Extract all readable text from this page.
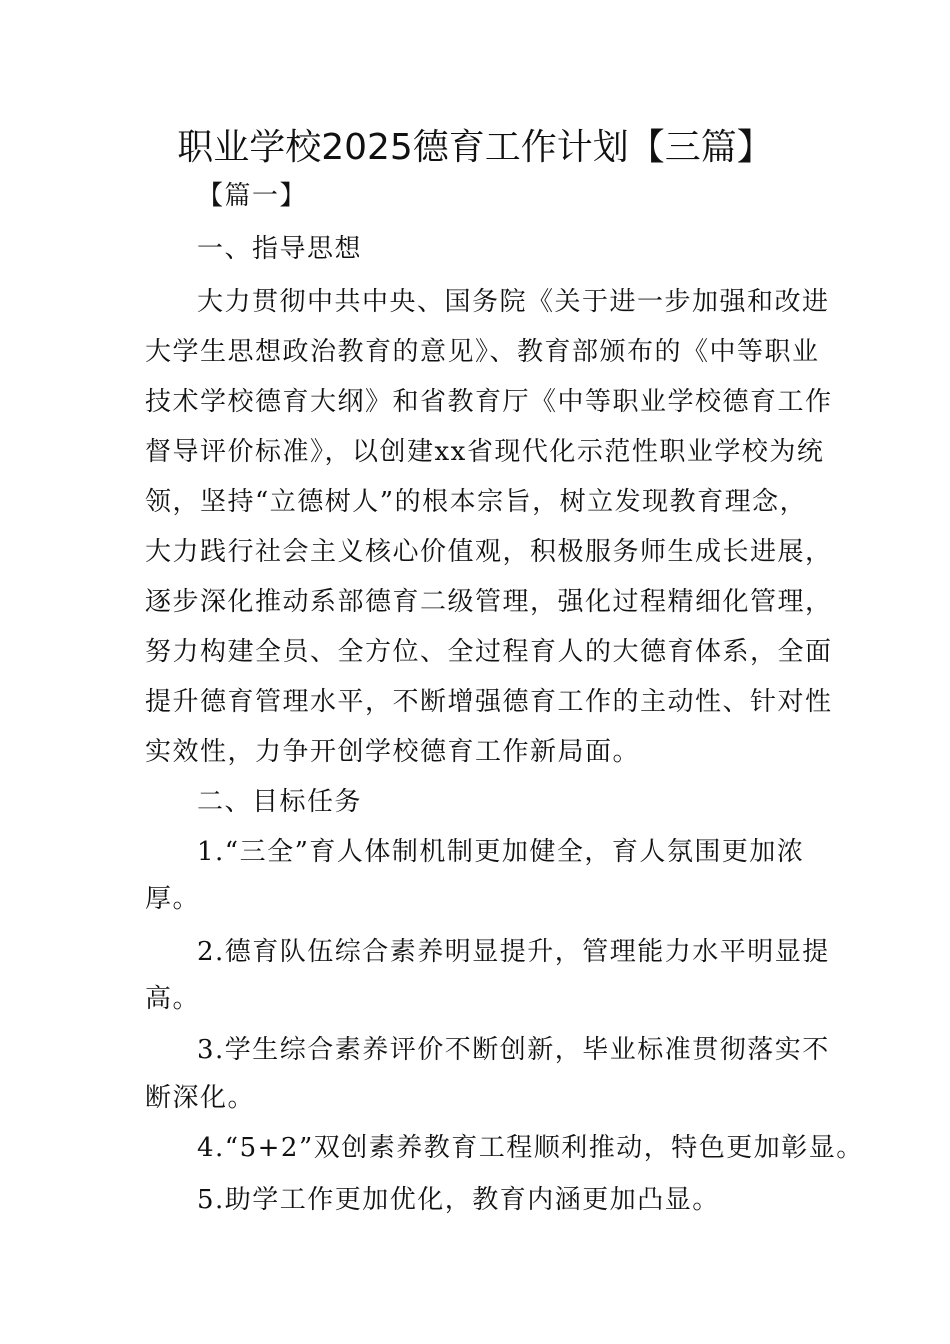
职业学校2025德育工作计划【三篇】

【篇一】

一、指导思想

大力贯彻中共中央、国务院《关于进一步加强和改进

大学生思想政治教育的意见》、教育部颁布的《中等职业

技术学校德育大纲》和省教育厅《中等职业学校德育工作

督导评价标准》，以创建xx省现代化示范性职业学校为统

领，坚持“立德树人”的根本宗旨，树立发现教育理念，

大力践行社会主义核心价值观，积极服务师生成长进展，

逐步深化推动系部德育二级管理，强化过程精细化管理，

努力构建全员、全方位、全过程育人的大德育体系，全面

提升德育管理水平，不断增强德育工作的主动性、针对性

实效性，力争开创学校德育工作新局面。

二、目标任务

1.“三全”育人体制机制更加健全，育人氛围更加浓

厚。

2.德育队伍综合素养明显提升，管理能力水平明显提

高。

3.学生综合素养评价不断创新，毕业标准贯彻落实不

断深化。

4.“5+2”双创素养教育工程顺利推动，特色更加彰显。

5.助学工作更加优化，教育内涵更加凸显。
